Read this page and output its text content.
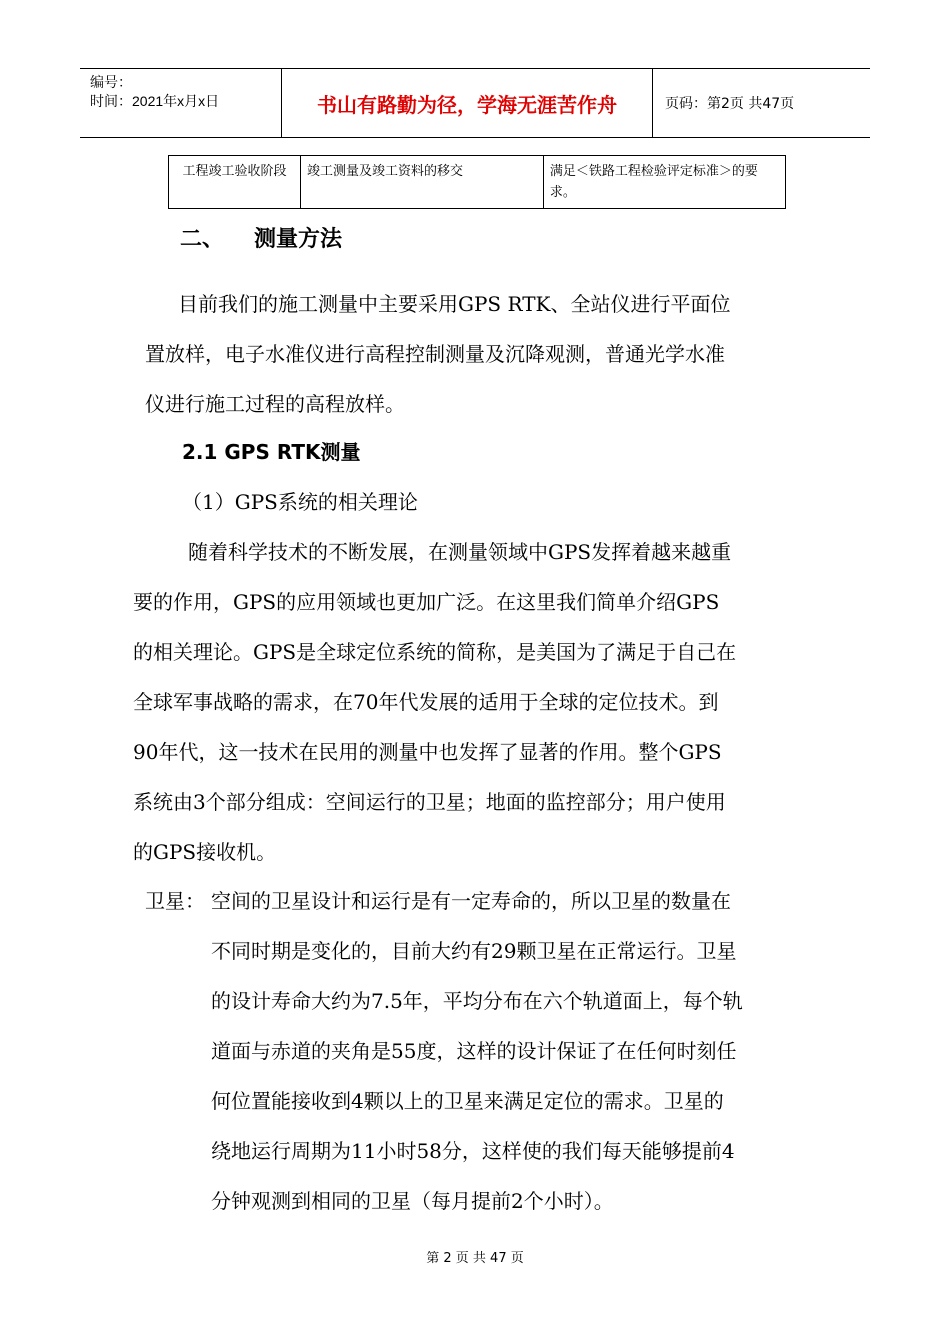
编号：
时间：2021年x月x日	书山有路勤为径，学海无涯苦作舟	页码：第2页 共47页
工程竣工验收阶段	竣工测量及竣工资料的移交	满足＜铁路工程检验评定标准＞的要求。
二、 测量方法
目前我们的施工测量中主要采用GPS RTK、全站仪进行平面位
置放样，电子水准仪进行高程控制测量及沉降观测，普通光学水准
仪进行施工过程的高程放样。
2.1 GPS RTK测量
（1）GPS系统的相关理论
随着科学技术的不断发展，在测量领域中GPS发挥着越来越重
要的作用，GPS的应用领域也更加广泛。在这里我们简单介绍GPS
的相关理论。GPS是全球定位系统的简称，是美国为了满足于自己在
全球军事战略的需求，在70年代发展的适用于全球的定位技术。到
90年代，这一技术在民用的测量中也发挥了显著的作用。整个GPS
系统由3个部分组成：空间运行的卫星；地面的监控部分；用户使用
的GPS接收机。
卫星： 空间的卫星设计和运行是有一定寿命的，所以卫星的数量在
不同时期是变化的，目前大约有29颗卫星在正常运行。卫星
的设计寿命大约为7.5年，平均分布在六个轨道面上，每个轨
道面与赤道的夹角是55度，这样的设计保证了在任何时刻任
何位置能接收到4颗以上的卫星来满足定位的需求。卫星的
绕地运行周期为11小时58分，这样使的我们每天能够提前4
分钟观测到相同的卫星（每月提前2个小时）。
第 2 页 共 47 页
